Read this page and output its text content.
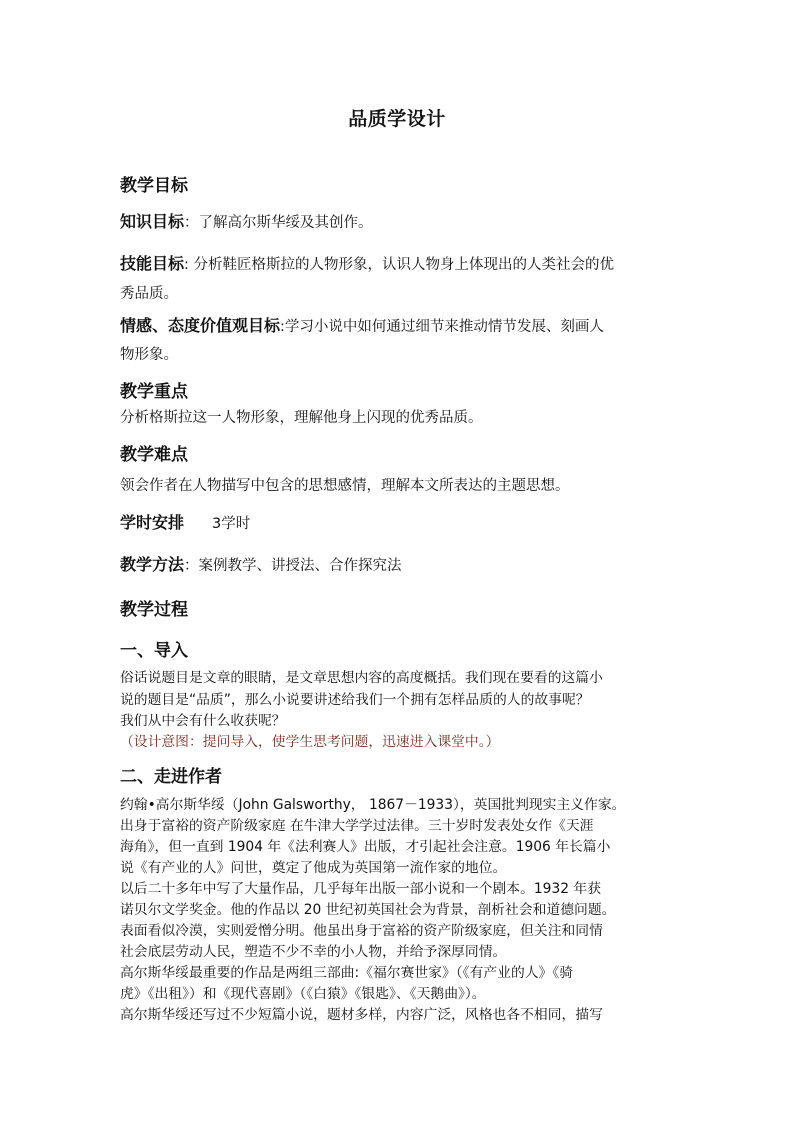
品质学设计
教学目标
知识目标：了解高尔斯华绥及其创作。
技能目标: 分析鞋匠格斯拉的人物形象，认识人物身上体现出的人类社会的优
秀品质。
情感、态度价值观目标:学习小说中如何通过细节来推动情节发展、刻画人
物形象。
教学重点
分析格斯拉这一人物形象，理解他身上闪现的优秀品质。
教学难点
领会作者在人物描写中包含的思想感情，理解本文所表达的主题思想。
学时安排 3学时
教学方法：案例教学、讲授法、合作探究法
教学过程
一、导入
俗话说题目是文章的眼睛，是文章思想内容的高度概括。我们现在要看的这篇小
说的题目是“品质”，那么小说要讲述给我们一个拥有怎样品质的人的故事呢？
我们从中会有什么收获呢？
（设计意图：提问导入，使学生思考问题，迅速进入课堂中。）
二、走进作者
约翰•高尔斯华绥（John Galsworthy， 1867－1933），英国批判现实主义作家。
出身于富裕的资产阶级家庭 在牛津大学学过法律。三十岁时发表处女作《天涯
海角》，但一直到 1904 年《法利赛人》出版，才引起社会注意。1906 年长篇小
说《有产业的人》问世，奠定了他成为英国第一流作家的地位。
以后二十多年中写了大量作品，几乎每年出版一部小说和一个剧本。1932 年获
诺贝尔文学奖金。他的作品以 20 世纪初英国社会为背景，剖析社会和道德问题。
表面看似冷漠，实则爱憎分明。他虽出身于富裕的资产阶级家庭，但关注和同情
社会底层劳动人民，塑造不少不幸的小人物，并给予深厚同情。
高尔斯华绥最重要的作品是两组三部曲:《福尔赛世家》（《有产业的人》《骑
虎》《出租》）和《现代喜剧》（《白猿》《银匙》、《天鹅曲》）。
高尔斯华绥还写过不少短篇小说，题材多样，内容广泛，风格也各不相同，描写
